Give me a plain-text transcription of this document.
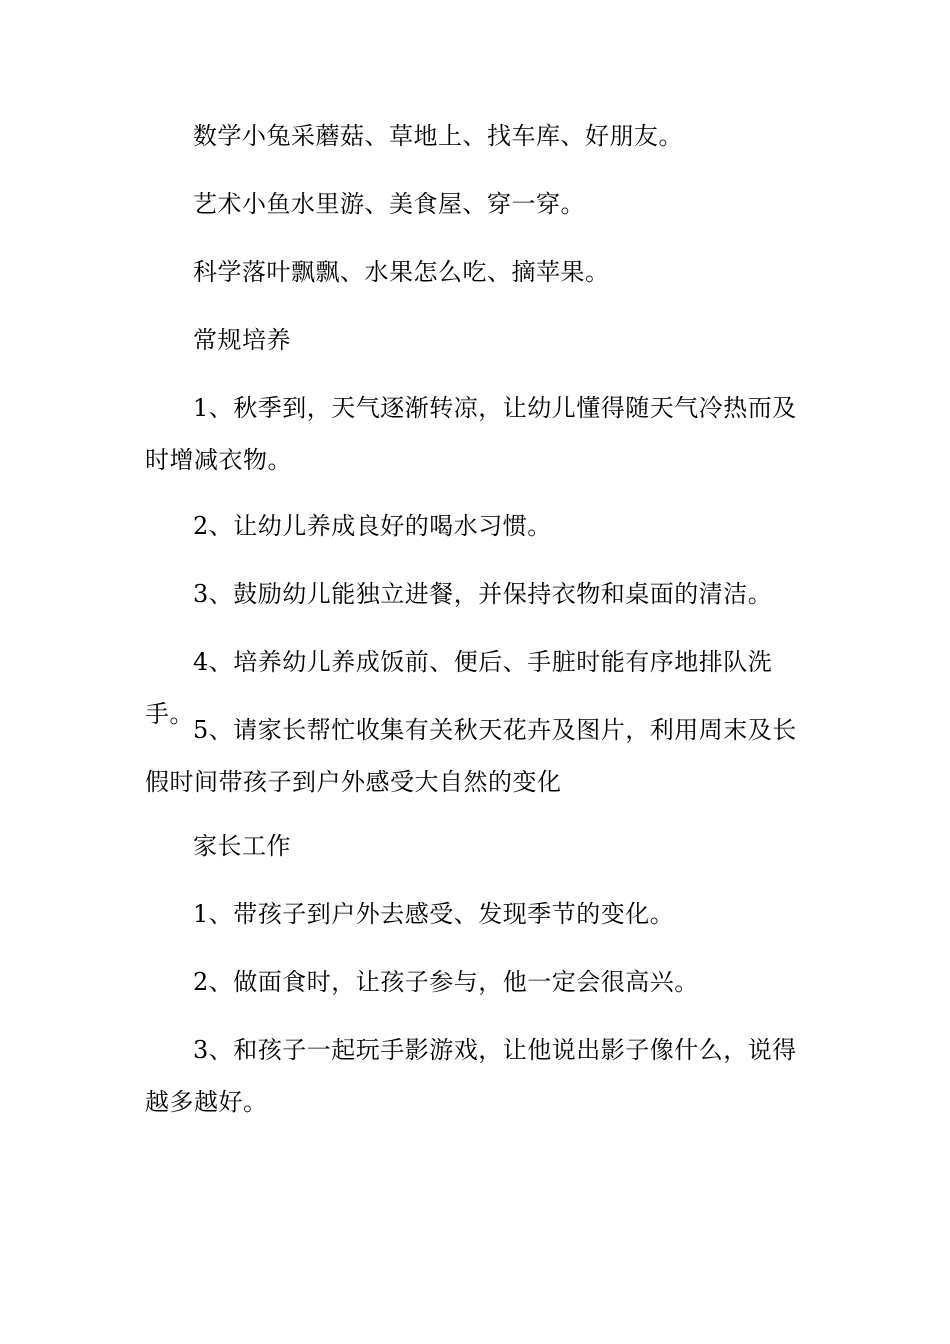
数学小兔采蘑菇、草地上、找车库、好朋友。

艺术小鱼水里游、美食屋、穿一穿。

科学落叶飘飘、水果怎么吃、摘苹果。

常规培养

1、秋季到，天气逐渐转凉，让幼儿懂得随天气冷热而及时增减衣物。

2、让幼儿养成良好的喝水习惯。

3、鼓励幼儿能独立进餐，并保持衣物和桌面的清洁。

4、培养幼儿养成饭前、便后、手脏时能有序地排队洗手。

5、请家长帮忙收集有关秋天花卉及图片，利用周末及长假时间带孩子到户外感受大自然的变化

家长工作

1、带孩子到户外去感受、发现季节的变化。

2、做面食时，让孩子参与，他一定会很高兴。

3、和孩子一起玩手影游戏，让他说出影子像什么，说得越多越好。
